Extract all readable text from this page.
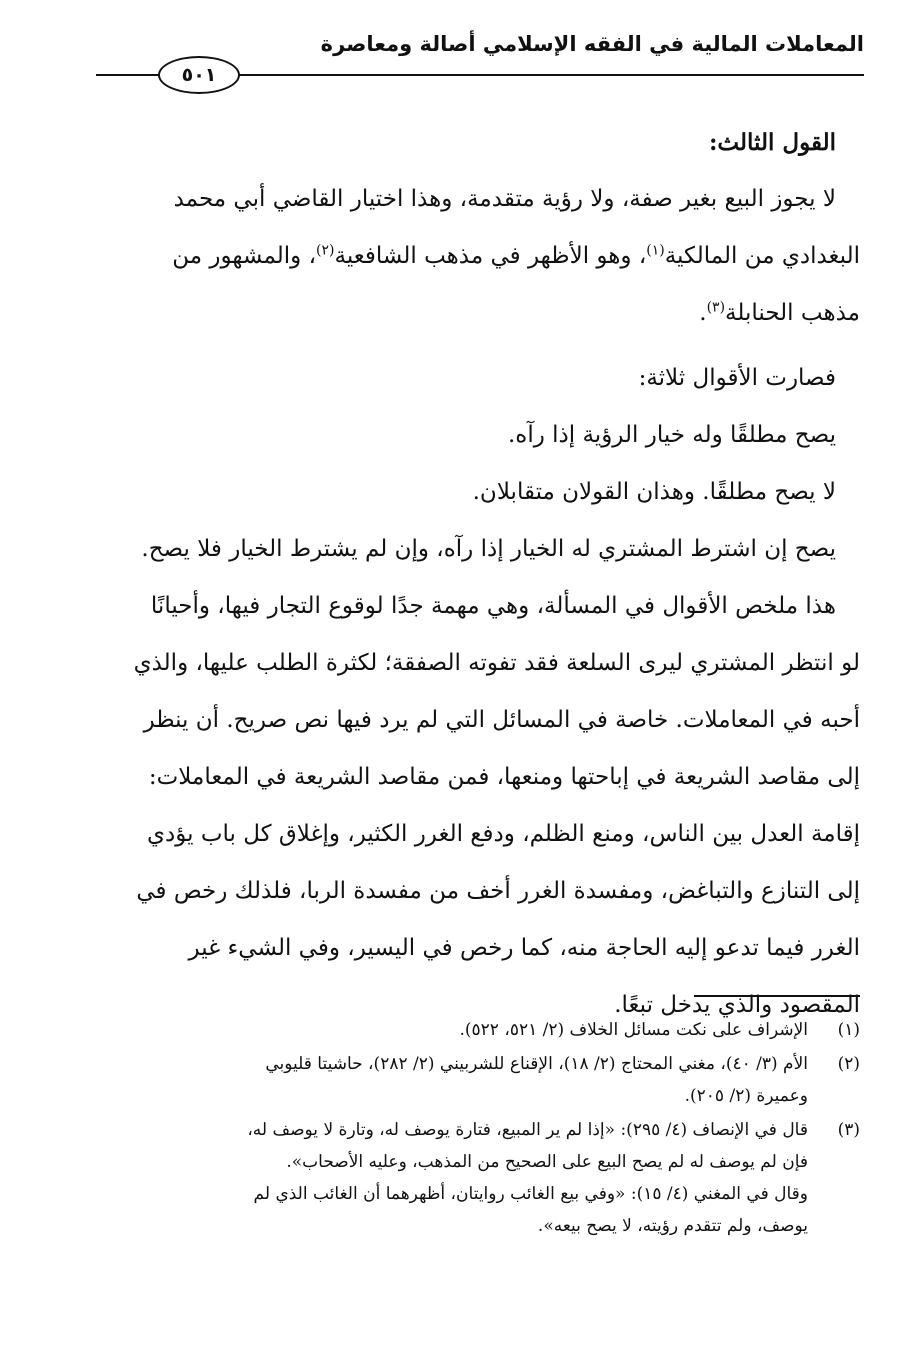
المعاملات المالية في الفقه الإسلامي أصالة ومعاصرة
٥٠١

القول الثالث:

لا يجوز البيع بغير صفة، ولا رؤية متقدمة، وهذا اختيار القاضي أبي محمد

البغدادي من المالكية$^{(١)}$، وهو الأظهر في مذهب الشافعية$^{(٢)}$، والمشهور من

مذهب الحنابلة$^{(٣)}$.

فصارت الأقوال ثلاثة:

يصح مطلقًا وله خيار الرؤية إذا رآه.

لا يصح مطلقًا. وهذان القولان متقابلان.

يصح إن اشترط المشتري له الخيار إذا رآه، وإن لم يشترط الخيار فلا يصح.

هذا ملخص الأقوال في المسألة، وهي مهمة جدًا لوقوع التجار فيها، وأحيانًا

لو انتظر المشتري ليرى السلعة فقد تفوته الصفقة؛ لكثرة الطلب عليها، والذي

أحبه في المعاملات. خاصة في المسائل التي لم يرد فيها نص صريح. أن ينظر

إلى مقاصد الشريعة في إباحتها ومنعها، فمن مقاصد الشريعة في المعاملات:

إقامة العدل بين الناس، ومنع الظلم، ودفع الغرر الكثير، وإغلاق كل باب يؤدي

إلى التنازع والتباغض، ومفسدة الغرر أخف من مفسدة الربا، فلذلك رخص في

الغرر فيما تدعو إليه الحاجة منه، كما رخص في اليسير، وفي الشيء غير

المقصود والذي يدخل تبعًا.

(١)
الإشراف على نكت مسائل الخلاف (٢/ ٥٢١، ٥٢٢).
(٢)
الأم (٣/ ٤٠)، مغني المحتاج (٢/ ١٨)، الإقناع للشربيني (٢/ ٢٨٢)، حاشيتا قليوبي
وعميرة (٢/ ٢٠٥).
(٣)
قال في الإنصاف (٤/ ٢٩٥): «إذا لم ير المبيع، فتارة يوصف له، وتارة لا يوصف له،
فإن لم يوصف له لم يصح البيع على الصحيح من المذهب، وعليه الأصحاب».
وقال في المغني (٤/ ١٥): «وفي بيع الغائب روايتان، أظهرهما أن الغائب الذي لم
يوصف، ولم تتقدم رؤيته، لا يصح بيعه».
